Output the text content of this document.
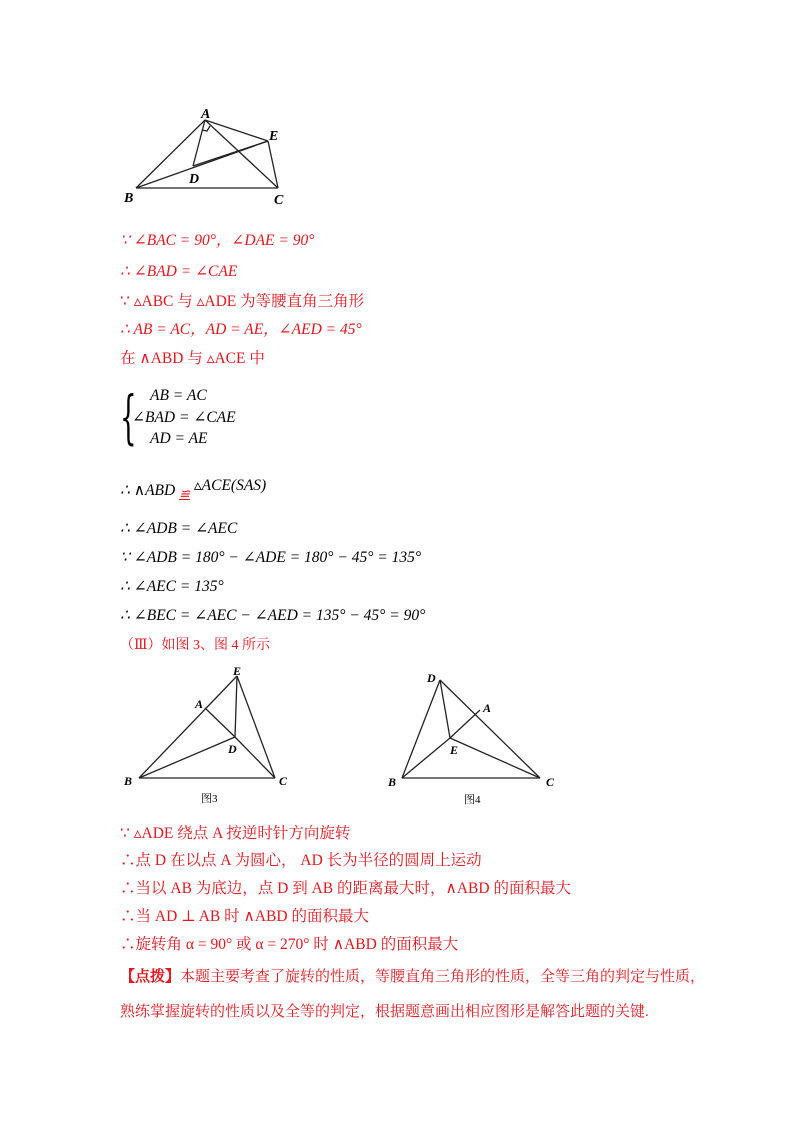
A
B	C
D
E
∵ ∠BAC = 90°，∠DAE = 90°
∴ ∠BAD = ∠CAE
∵ ▵ABC 与 ▵ADE 为等腰直角三角形
∴ AB = AC，AD = AE，∠AED = 45°
在 ∧ABD 与 ▵ACE 中
{ AB = AC
∠BAD = ∠CAE
AD = AE
∴ ∧ABD ≌ ▵ACE(SAS)
∴ ∠ADB = ∠AEC
∵ ∠ADB = 180° − ∠ADE = 180° − 45° = 135°
∴ ∠AEC = 135°
∴ ∠BEC = ∠AEC − ∠AED = 135° − 45° = 90°
（Ⅲ）如图 3、图 4 所示
E
A
D
B	C
图3
D
A
E
B	C
图4
∵ ▵ADE 绕点 A 按逆时针方向旋转
∴点 D 在以点 A 为圆心， AD 长为半径的圆周上运动
∴当以 AB 为底边，点 D 到 AB 的距离最大时，∧ABD 的面积最大
∴当 AD ⊥ AB 时 ∧ABD 的面积最大
∴旋转角 α = 90° 或 α = 270° 时 ∧ABD 的面积最大
【点拨】本题主要考查了旋转的性质，等腰直角三角形的性质，全等三角的判定与性质，
熟练掌握旋转的性质以及全等的判定，根据题意画出相应图形是解答此题的关键.
